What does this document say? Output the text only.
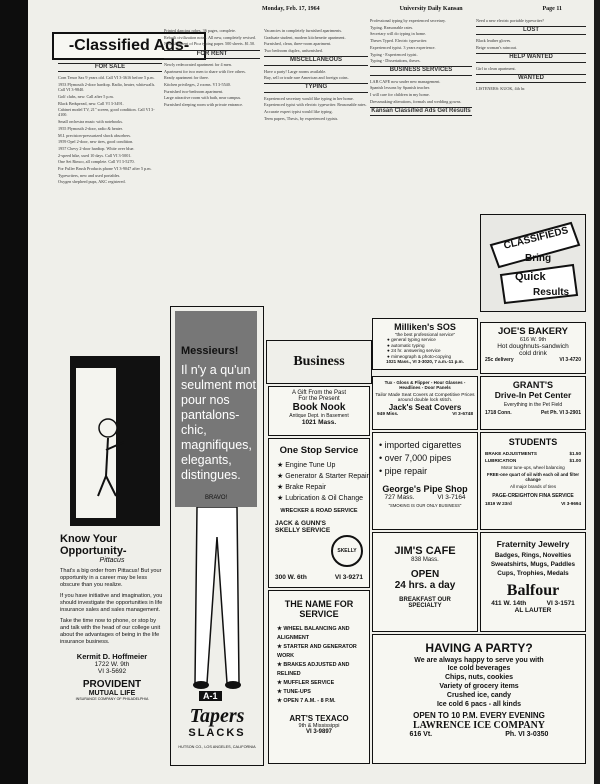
Monday, Feb. 17, 1964	University Daily Kansan	Page 11
- Classified Ads -
FOR SALE

Corn Tenor Sax 9 years old. Call VI 3-3616 before 5 p.m.

1953 Plymouth 2-door hardtop. Radio, heater, whitewalls. Call VI 3-9840.

Golf clubs, new. Call after 5 p.m.

Black Bedspread, new. Call VI 3-3491.

Cabinet model TV, 21" screen, good condition. Call VI 3-4100.

Small orchestra music with notebooks.

1955 Plymouth 2-door, radio & heater.

M.I. precision-pressurized shock absorbers.

1959 Opel 2-door, new tires, good condition.

1957 Chevy 2-door hardtop. White over blue.

2-speed bike, used 10 days. Call VI 3-5001.

One Set Rimco, all complete. Call VI 3-5270.

For Fuller Brush Products phone VI 3-9047 after 5 p.m.

Typewriters, new and used portables.

Oxygen shepherd pups, AKC registered.

Printed dancing robes, 36 pages, complete.

Rebuilt civilization notes. All new, completely revised.

New shipment of Pica typing paper. 500 sheets. $1.50.

FOR RENT

Newly redecorated apartment for 4 men.

Apartment for two men to share with five others.

Ready apartment for three.

Kitchen privileges, 2 rooms. VI 3-5540.

Furnished two-bedroom apartment.

Large attractive room with bath, near campus.

Furnished sleeping room with private entrance.

Vacancies in completely furnished apartments.

Graduate student, modern kitchenette apartment.

Furnished, clean, three-room apartment.

Two bedroom duplex, unfurnished.

MISCELLANEOUS

Have a party! Large rooms available.

Buy, sell or trade rare American and foreign coins.

TYPING

Experienced secretary would like typing in her home.

Experienced typist with electric typewriter. Reasonable rates.

Accurate expert typist would like typing.

Term papers, Thesis, by experienced typists.

Professional typing by experienced secretary.

Typing. Reasonable rates.

Secretary will do typing in home.

Theses Typed. Electric typewriter.

Experienced typist. 3 years experience.

Typing - Experienced typist.

Typing - Dissertations, theses.

BUSINESS SERVICES

LAB CAFE now under new management.

Spanish lessons by Spanish teacher.

I will care for children in my home.

Dressmaking-alterations, formals and wedding gowns.

Kansan Classified Ads Get Results

Need a new electric portable typewriter?

LOST

Black leather gloves.

Beige woman's raincoat.

HELP WANTED

Girl to clean apartment.

WANTED

LISTENERS: KUOK, 4th hr.

CLASSIFIEDS
Bring
Quick
Results
Know Your Opportunity-
Pittacus
That's a big order from Pittacus! But your opportunity in a career may be less obscure than you realize.
If you have initiative and imagination, you should investigate the opportunities in life insurance sales and sales management.
Take the time now to phone, or stop by and talk with the head of our college unit about the advantages of being in the life insurance business.
Kermit D. Hoffmeier
1722 W. 9th
VI 3-5692
PROVIDENT
MUTUAL LIFE
INSURANCE COMPANY OF PHILADELPHIA
Messieurs!
Il n'y a qu'un seulment mot pour nos pantalons-chic, magnifiques, elegants, distingues.
BRAVO!
A-1
Tapers
SLACKS
HUTSON CO., LOS ANGELES, CALIFORNIA
Business
A Gift From the Past
For the Present
Book Nook
Antique Dept. in Basement
1021 Mass.
One Stop Service
★ Engine Tune Up
★ Generator & Starter Repair
★ Brake Repair
★ Lubrication & Oil Change
WRECKER & ROAD SERVICE
JACK & GUNN'S SKELLY SERVICE
SKELLY
300 W. 6th	VI 3-9271
THE NAME FOR SERVICE
★ WHEEL BALANCING AND ALIGNMENT
★ STARTER AND GENERATOR WORK
★ BRAKES ADJUSTED AND RELINED
★ MUFFLER SERVICE
★ TUNE-UPS
★ OPEN 7 A.M. - 8 P.M.
ART'S TEXACO
9th & Mississippi
VI 3-9897
Milliken's SOS
"the best professional service"
● general typing service
● automatic typing
● 24 hr. answering service
● mimeograph & photo-copying
1021 Mass., VI 3-3020, 7 a.m.-11 p.m.
JOE'S BAKERY
616 W. 9th
Hot doughnuts-sandwich
cold drink
25c delivery	VI 3-4720
Tux - Gloss & Flipper - Hour Glasses - Headlines - Door Panels
Tailor Made Seat Covers at Competitive Prices
around double lock stitch.
Jack's Seat Covers
949 Miss.	VI 3-6748
GRANT'S
Drive-In Pet Center
Everything in the Pet Field
1718 Conn.	Pet Ph. VI 3-2901
• imported cigarettes
• over 7,000 pipes
• pipe repair
George's Pipe Shop
727 Mass.	VI 3-7164
"SMOKING IS OUR ONLY BUSINESS"
STUDENTS
BRAKE ADJUSTMENTS	$1.50
LUBRICATION	$1.00
Motor tune-ups, wheel balancing
FREE-one quart of oil with each oil and filter change
All major brands of tires
PAGE-CREIGHTON FINA SERVICE
1819 W 23rd	VI 3-9694
JIM'S CAFE
838 Mass.
OPEN
24 hrs. a day
BREAKFAST OUR SPECIALTY
Fraternity Jewelry
Badges, Rings, Novelties Sweatshirts, Mugs, Paddles Cups, Trophies, Medals
Balfour
411 W. 14th	VI 3-1571
AL LAUTER
HAVING A PARTY?
We are always happy to serve you with
Ice cold beverages
Chips, nuts, cookies
Variety of grocery items
Crushed ice, candy
Ice cold 6 pacs - all kinds
OPEN TO 10 P.M. EVERY EVENING
LAWRENCE ICE COMPANY
616 Vt.	Ph. VI 3-0350
